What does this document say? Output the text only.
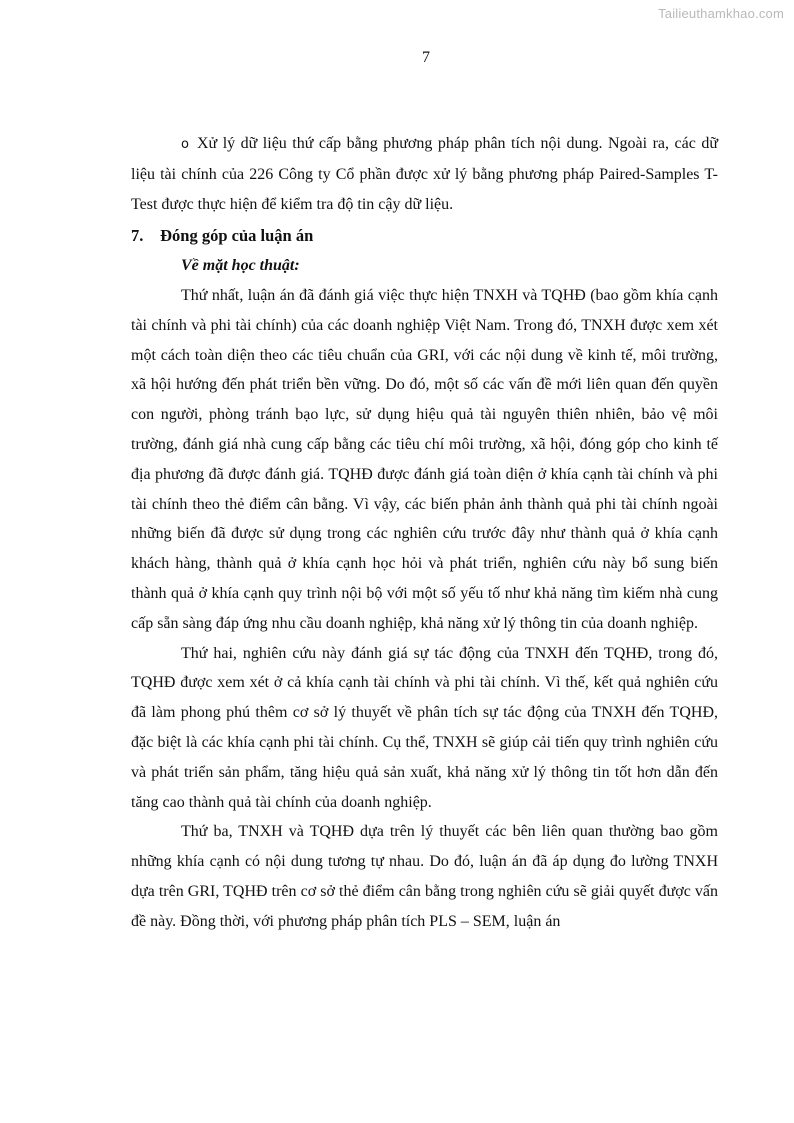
Tailieuthamkhao.com
7

o Xử lý dữ liệu thứ cấp bằng phương pháp phân tích nội dung. Ngoài ra, các dữ liệu tài chính của 226 Công ty Cổ phần được xử lý bằng phương pháp Paired-Samples T-Test được thực hiện để kiểm tra độ tin cậy dữ liệu.

7. Đóng góp của luận án

Về mặt học thuật:

Thứ nhất, luận án đã đánh giá việc thực hiện TNXH và TQHĐ (bao gồm khía cạnh tài chính và phi tài chính) của các doanh nghiệp Việt Nam. Trong đó, TNXH được xem xét một cách toàn diện theo các tiêu chuẩn của GRI, với các nội dung về kinh tế, môi trường, xã hội hướng đến phát triển bền vững. Do đó, một số các vấn đề mới liên quan đến quyền con người, phòng tránh bạo lực, sử dụng hiệu quả tài nguyên thiên nhiên, bảo vệ môi trường, đánh giá nhà cung cấp bằng các tiêu chí môi trường, xã hội, đóng góp cho kinh tế địa phương đã được đánh giá. TQHĐ được đánh giá toàn diện ở khía cạnh tài chính và phi tài chính theo thẻ điểm cân bằng. Vì vậy, các biến phản ảnh thành quả phi tài chính ngoài những biến đã được sử dụng trong các nghiên cứu trước đây như thành quả ở khía cạnh khách hàng, thành quả ở khía cạnh học hỏi và phát triển, nghiên cứu này bổ sung biến thành quả ở khía cạnh quy trình nội bộ với một số yếu tố như khả năng tìm kiếm nhà cung cấp sẵn sàng đáp ứng nhu cầu doanh nghiệp, khả năng xử lý thông tin của doanh nghiệp.

Thứ hai, nghiên cứu này đánh giá sự tác động của TNXH đến TQHĐ, trong đó, TQHĐ được xem xét ở cả khía cạnh tài chính và phi tài chính. Vì thế, kết quả nghiên cứu đã làm phong phú thêm cơ sở lý thuyết về phân tích sự tác động của TNXH đến TQHĐ, đặc biệt là các khía cạnh phi tài chính. Cụ thể, TNXH sẽ giúp cải tiến quy trình nghiên cứu và phát triển sản phẩm, tăng hiệu quả sản xuất, khả năng xử lý thông tin tốt hơn dẫn đến tăng cao thành quả tài chính của doanh nghiệp.

Thứ ba, TNXH và TQHĐ dựa trên lý thuyết các bên liên quan thường bao gồm những khía cạnh có nội dung tương tự nhau. Do đó, luận án đã áp dụng đo lường TNXH dựa trên GRI, TQHĐ trên cơ sở thẻ điểm cân bằng trong nghiên cứu sẽ giải quyết được vấn đề này. Đồng thời, với phương pháp phân tích PLS – SEM, luận án
